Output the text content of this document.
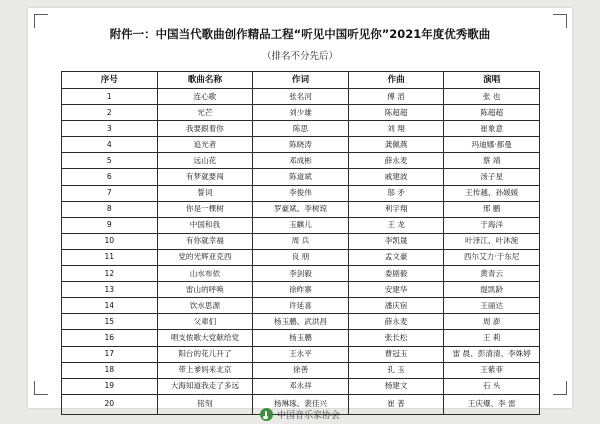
附件一：中国当代歌曲创作精品工程“听见中国听见你”2021年度优秀歌曲
（排名不分先后）
序号	歌曲名称	作词	作曲	演唱
1	连心歌	张名河	傅 滔	张 也
2	光芒	刘少雄	陈超超	陈超超
3	我要跟着你	陈思	刘 翔	崔象意
4	追光者	陈晓涛	龚佩燕	玛迪娜·都曼
5	远山花	邓成彬	薛永麦	蔡 靖
6	有梦就要闯	陈道斌	戚建波	汤子星
7	誓词	李俊伟	邬 矛	王传越、孙媛媛
8	你是一棵树	罗豪斌、李树琼	利字翔	邢 鹏
9	中国和我	玉麒儿	王 龙	于海洋
10	有你就幸福	周 兵	李凯晟	叶泽江、叶沐涴
11	党的光辉亚克西	良 朋	孟文豪	西尔艾力·于东尼
12	山水布依	李剑毅	委剧毅	黄青云
13	雷山的呼唤	徐昨寨	安建华	缇凯龄
14	饮水思源	许延喜	潘庆宿	王丽达
15	父辈们	杨玉鹏、武洪昌	薛永麦	周 澎
16	唱支侬歌大党献给党	杨玉鹏	张长松	王 莉
17	阳台的花儿开了	王永平	曹冠玉	雷 晨、彭清清、李姝婷
18	带上爹妈来北京	徐善	孔 玉	王紫菲
19	大海知道我走了多远	邓永祥	杨建文	石 头
20	铭刻	杨琳琢、裴佳兴	崔 普	王庆爆、李 雷
中国音乐家协会
